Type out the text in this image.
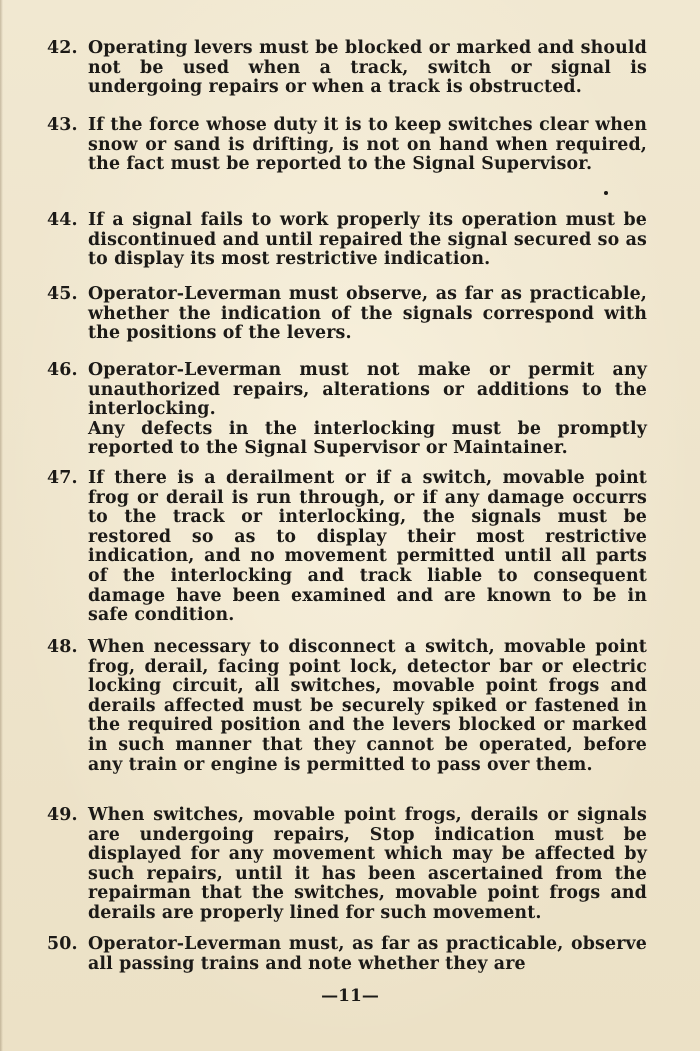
42. Operating levers must be blocked or marked and should not be used when a track, switch or signal is undergoing repairs or when a track is obstructed.

43. If the force whose duty it is to keep switches clear when snow or sand is drifting, is not on hand when required, the fact must be reported to the Signal Supervisor.

44. If a signal fails to work properly its operation must be discontinued and until repaired the signal secured so as to display its most restrictive indication.

45. Operator-Leverman must observe, as far as practicable, whether the indication of the signals correspond with the positions of the levers.

46. Operator-Leverman must not make or permit any unauthorized repairs, alterations or additions to the interlocking.

Any defects in the interlocking must be promptly reported to the Signal Supervisor or Maintainer.

47. If there is a derailment or if a switch, movable point frog or derail is run through, or if any damage occurrs to the track or interlocking, the signals must be restored so as to display their most restrictive indication, and no movement permitted until all parts of the interlocking and track liable to consequent damage have been examined and are known to be in safe condition.

48. When necessary to disconnect a switch, movable point frog, derail, facing point lock, detector bar or electric locking circuit, all switches, movable point frogs and derails affected must be securely spiked or fastened in the required position and the levers blocked or marked in such manner that they cannot be operated, before any train or engine is permitted to pass over them.

49. When switches, movable point frogs, derails or signals are undergoing repairs, Stop indication must be displayed for any movement which may be affected by such repairs, until it has been ascertained from the repairman that the switches, movable point frogs and derails are properly lined for such movement.

50. Operator-Leverman must, as far as practicable, observe all passing trains and note whether they are

—11—
